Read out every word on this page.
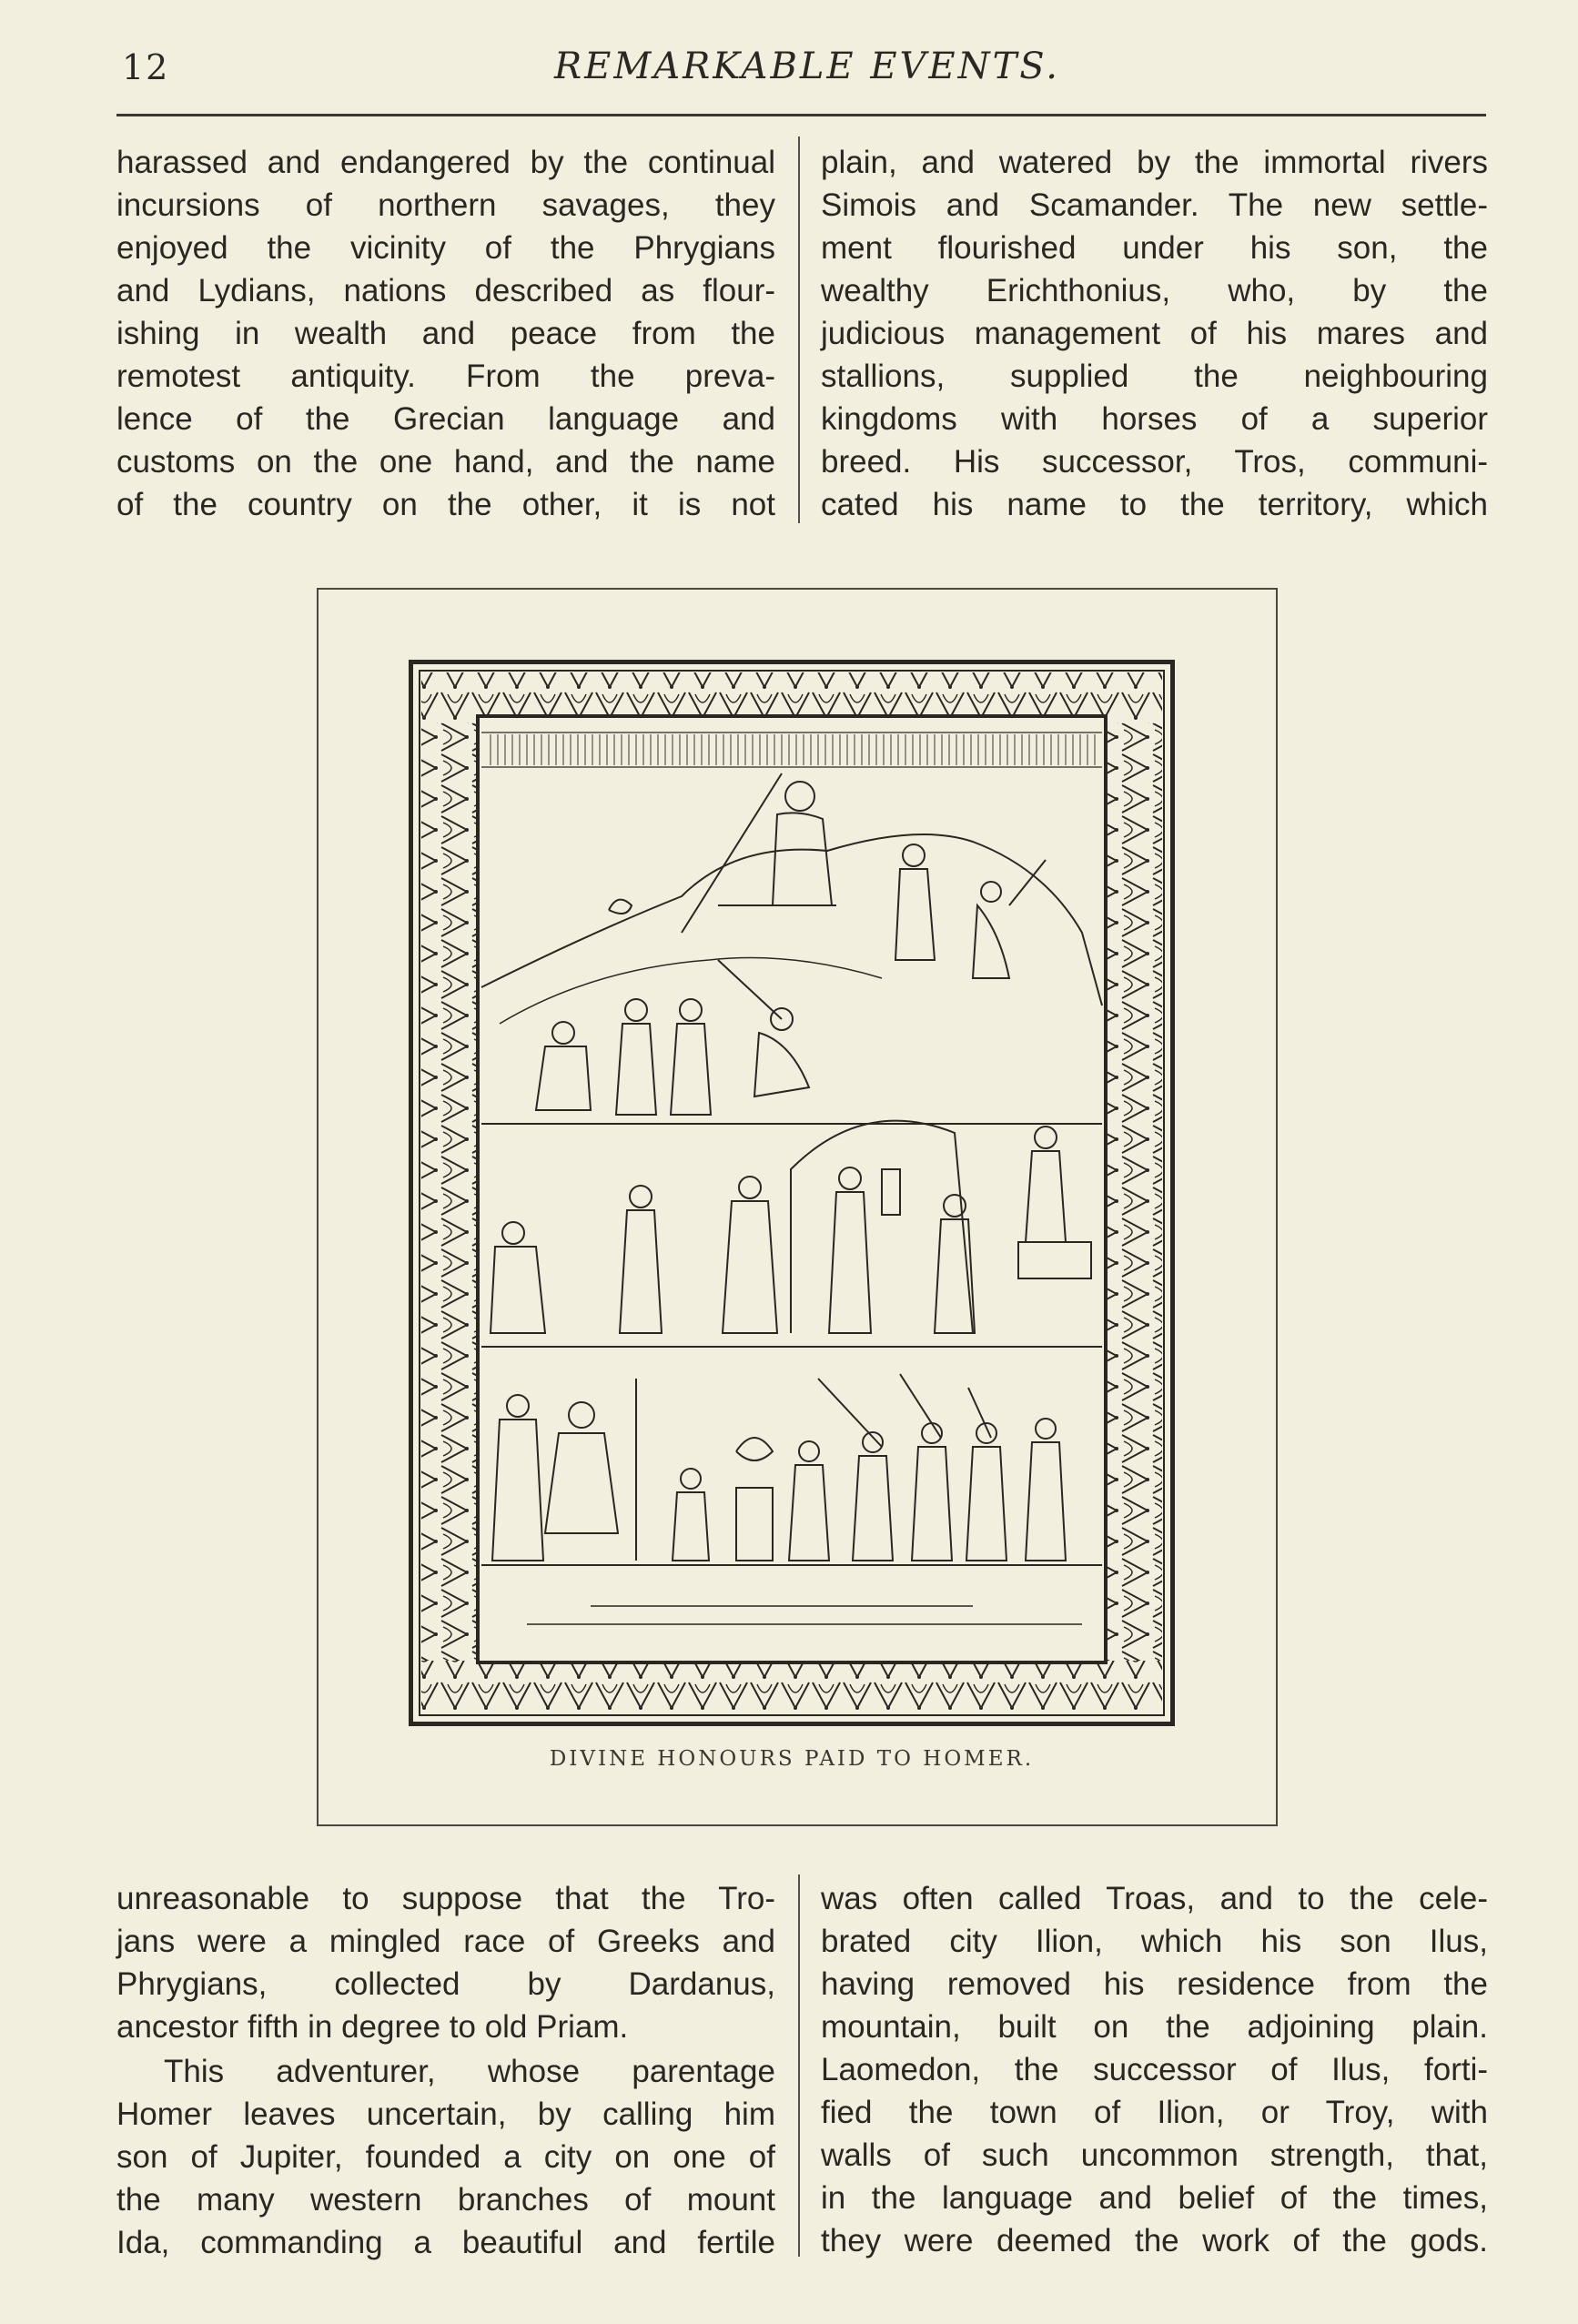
12	REMARKABLE EVENTS.

harassed and endangered by the continual
incursions of northern savages, they
enjoyed the vicinity of the Phrygians
and Lydians, nations described as flour-
ishing in wealth and peace from the
remotest antiquity. From the preva-
lence of the Grecian language and
customs on the one hand, and the name
of the country on the other, it is not

plain, and watered by the immortal rivers
Simois and Scamander. The new settle-
ment flourished under his son, the
wealthy Erichthonius, who, by the
judicious management of his mares and
stallions, supplied the neighbouring
kingdoms with horses of a superior
breed. His successor, Tros, communi-
cated his name to the territory, which

DIVINE HONOURS PAID TO HOMER.

unreasonable to suppose that the Tro-
jans were a mingled race of Greeks and
Phrygians, collected by Dardanus,

ancestor fifth in degree to old Priam.

This adventurer, whose parentage
Homer leaves uncertain, by calling him
son of Jupiter, founded a city on one of
the many western branches of mount
Ida, commanding a beautiful and fertile

was often called Troas, and to the cele-
brated city Ilion, which his son Ilus,
having removed his residence from the
mountain, built on the adjoining plain.
Laomedon, the successor of Ilus, forti-
fied the town of Ilion, or Troy, with
walls of such uncommon strength, that,
in the language and belief of the times,
they were deemed the work of the gods.
